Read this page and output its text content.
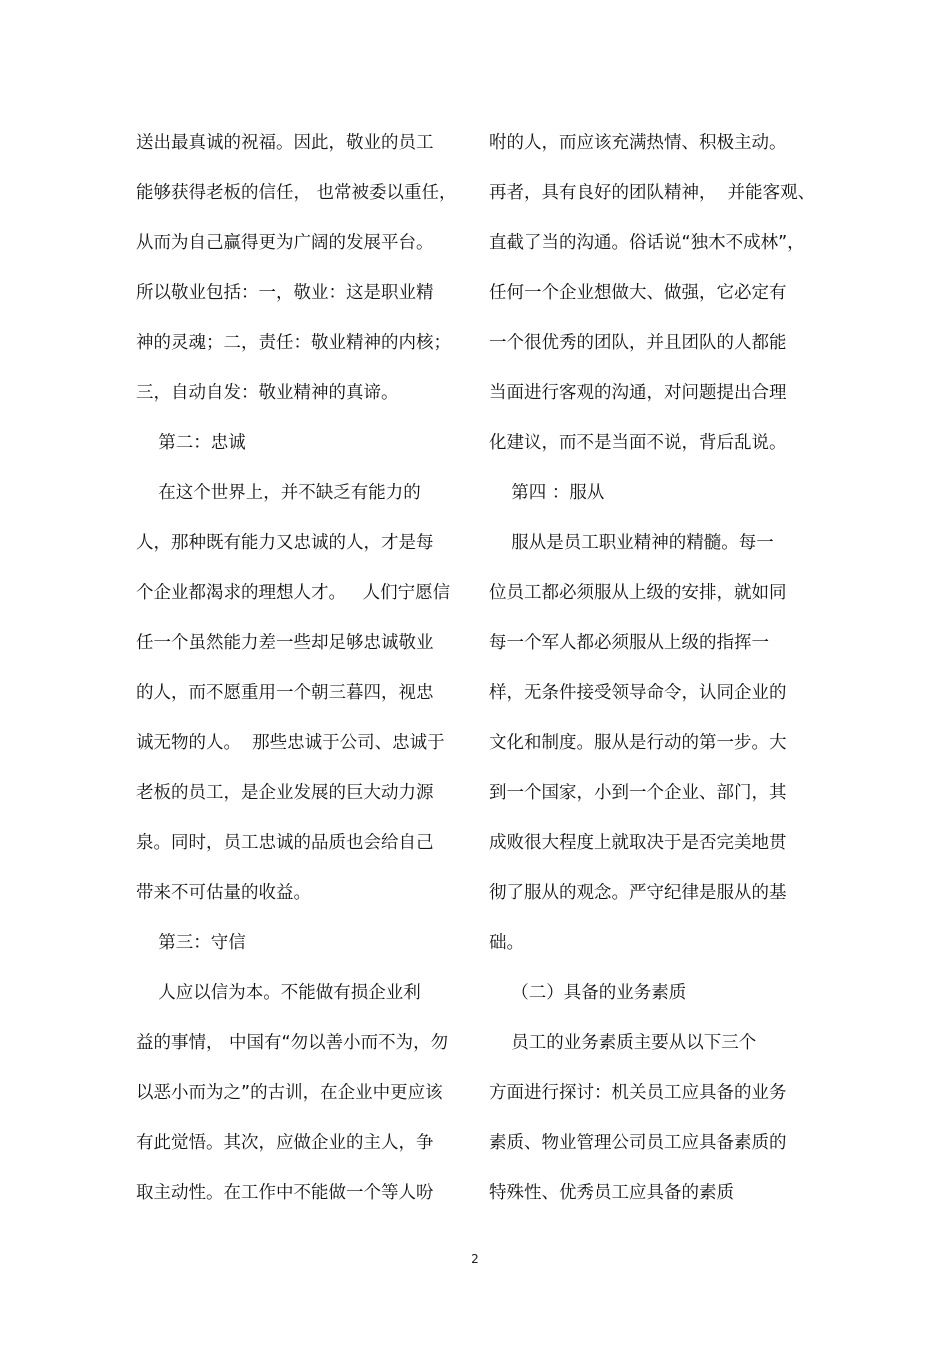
送出最真诚的祝福。因此，敬业的员工
能够获得老板的信任， 也常被委以重任，
从而为自己赢得更为广阔的发展平台。
所以敬业包括：一，敬业：这是职业精
神的灵魂；二，责任：敬业精神的内核；
三，自动自发：敬业精神的真谛。
第二：忠诚
在这个世界上，并不缺乏有能力的
人，那种既有能力又忠诚的人，才是每
个企业都渴求的理想人才。   人们宁愿信
任一个虽然能力差一些却足够忠诚敬业
的人，而不愿重用一个朝三暮四，视忠
诚无物的人。  那些忠诚于公司、忠诚于
老板的员工，是企业发展的巨大动力源
泉。同时，员工忠诚的品质也会给自己
带来不可估量的收益。
第三：守信
人应以信为本。不能做有损企业利
益的事情， 中国有“勿以善小而不为，勿
以恶小而为之”的古训，在企业中更应该
有此觉悟。其次，应做企业的主人，争
取主动性。在工作中不能做一个等人吩
咐的人，而应该充满热情、积极主动。
再者，具有良好的团队精神，  并能客观、
直截了当的沟通。俗话说“独木不成林”，
任何一个企业想做大、做强，它必定有
一个很优秀的团队，并且团队的人都能
当面进行客观的沟通，对问题提出合理
化建议，而不是当面不说，背后乱说。
第四 ：服从
服从是员工职业精神的精髓。每一
位员工都必须服从上级的安排，就如同
每一个军人都必须服从上级的指挥一
样，无条件接受领导命令，认同企业的
文化和制度。服从是行动的第一步。大
到一个国家，小到一个企业、部门，其
成败很大程度上就取决于是否完美地贯
彻了服从的观念。严守纪律是服从的基
础。
（二）具备的业务素质
员工的业务素质主要从以下三个
方面进行探讨：机关员工应具备的业务
素质、物业管理公司员工应具备素质的
特殊性、优秀员工应具备的素质
2
